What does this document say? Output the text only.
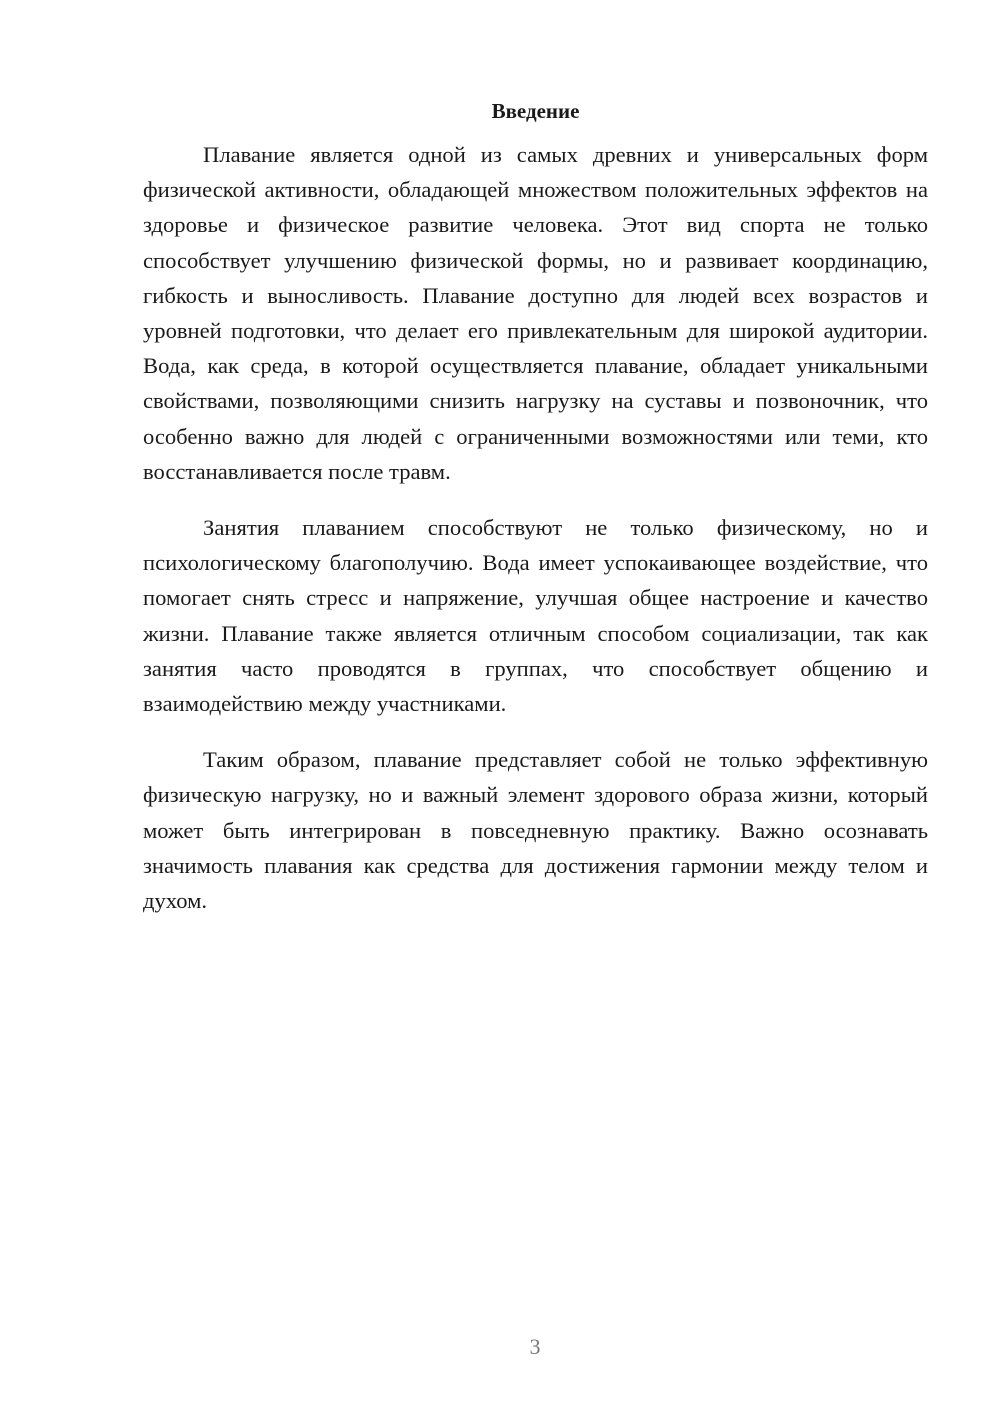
Введение

Плавание является одной из самых древних и универсальных форм физической активности, обладающей множеством положительных эффектов на здоровье и физическое развитие человека. Этот вид спорта не только способствует улучшению физической формы, но и развивает координацию, гибкость и выносливость. Плавание доступно для людей всех возрастов и уровней подготовки, что делает его привлекательным для широкой аудитории. Вода, как среда, в которой осуществляется плавание, обладает уникальными свойствами, позволяющими снизить нагрузку на суставы и позвоночник, что особенно важно для людей с ограниченными возможностями или теми, кто восстанавливается после травм.

Занятия плаванием способствуют не только физическому, но и психологическому благополучию. Вода имеет успокаивающее воздействие, что помогает снять стресс и напряжение, улучшая общее настроение и качество жизни. Плавание также является отличным способом социализации, так как занятия часто проводятся в группах, что способствует общению и взаимодействию между участниками.

Таким образом, плавание представляет собой не только эффективную физическую нагрузку, но и важный элемент здорового образа жизни, который может быть интегрирован в повседневную практику. Важно осознавать значимость плавания как средства для достижения гармонии между телом и духом.

3
